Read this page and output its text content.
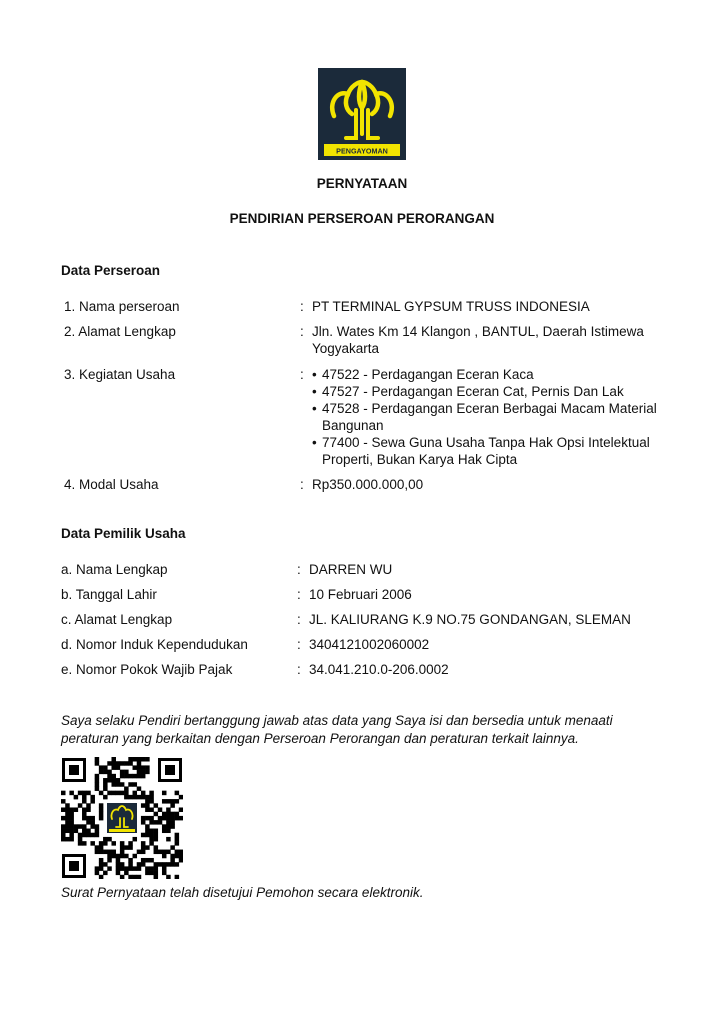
PENGAYOMAN
PERNYATAAN
PENDIRIAN PERSEROAN PERORANGAN
Data Perseroan
1. Nama perseroan	: PT TERMINAL GYPSUM TRUSS INDONESIA
2. Alamat Lengkap	: Jln. Wates Km 14 Klangon , BANTUL, Daerah Istimewa Yogyakarta
3. Kegiatan Usaha	: • 47522 - Perdagangan Eceran Kaca
• 47527 - Perdagangan Eceran Cat, Pernis Dan Lak
• 47528 - Perdagangan Eceran Berbagai Macam Material Bangunan
• 77400 - Sewa Guna Usaha Tanpa Hak Opsi Intelektual Properti, Bukan Karya Hak Cipta
4. Modal Usaha	: Rp350.000.000,00
Data Pemilik Usaha
a. Nama Lengkap	: DARREN WU
b. Tanggal Lahir	: 10 Februari 2006
c. Alamat Lengkap	: JL. KALIURANG K.9 NO.75 GONDANGAN, SLEMAN
d. Nomor Induk Kependudukan	: 3404121002060002
e. Nomor Pokok Wajib Pajak	: 34.041.210.0-206.0002

Saya selaku Pendiri bertanggung jawab atas data yang Saya isi dan bersedia untuk menaati peraturan yang berkaitan dengan Perseroan Perorangan dan peraturan terkait lainnya.

Surat Pernyataan telah disetujui Pemohon secara elektronik.
